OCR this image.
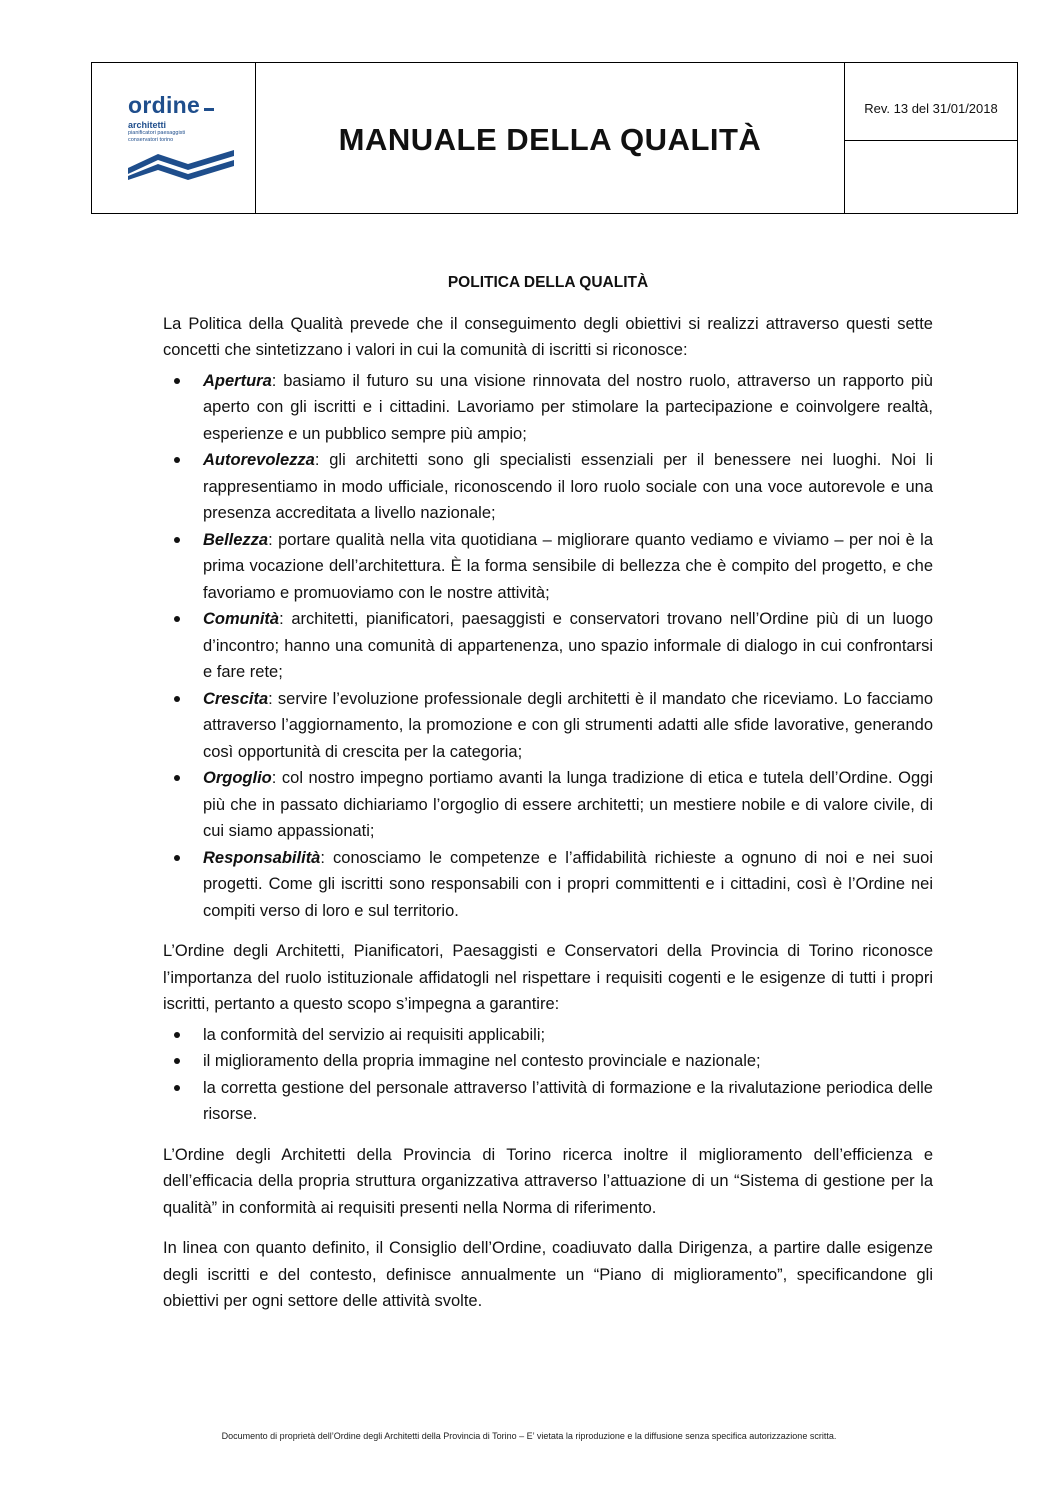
ordine
architetti
pianificatori paesaggisti
conservatori torino	MANUALE DELLA QUALITÀ
Rev. 13 del 31/01/2018
POLITICA DELLA QUALITÀ

La Politica della Qualità prevede che il conseguimento degli obiettivi si realizzi attraverso questi sette concetti che sintetizzano i valori in cui la comunità di iscritti si riconosce:

Apertura: basiamo il futuro su una visione rinnovata del nostro ruolo, attraverso un rapporto più aperto con gli iscritti e i cittadini. Lavoriamo per stimolare la partecipazione e coinvolgere realtà, esperienze e un pubblico sempre più ampio;
Autorevolezza: gli architetti sono gli specialisti essenziali per il benessere nei luoghi. Noi li rappresentiamo in modo ufficiale, riconoscendo il loro ruolo sociale con una voce autorevole e una presenza accreditata a livello nazionale;
Bellezza: portare qualità nella vita quotidiana – migliorare quanto vediamo e viviamo – per noi è la prima vocazione dell’architettura. È la forma sensibile di bellezza che è compito del progetto, e che favoriamo e promuoviamo con le nostre attività;
Comunità: architetti, pianificatori, paesaggisti e conservatori trovano nell’Ordine più di un luogo d’incontro; hanno una comunità di appartenenza, uno spazio informale di dialogo in cui confrontarsi e fare rete;
Crescita: servire l’evoluzione professionale degli architetti è il mandato che riceviamo. Lo facciamo attraverso l’aggiornamento, la promozione e con gli strumenti adatti alle sfide lavorative, generando così opportunità di crescita per la categoria;
Orgoglio: col nostro impegno portiamo avanti la lunga tradizione di etica e tutela dell’Ordine. Oggi più che in passato dichiariamo l’orgoglio di essere architetti; un mestiere nobile e di valore civile, di cui siamo appassionati;
Responsabilità: conosciamo le competenze e l’affidabilità richieste a ognuno di noi e nei suoi progetti. Come gli iscritti sono responsabili con i propri committenti e i cittadini, così è l’Ordine nei compiti verso di loro e sul territorio.

L’Ordine degli Architetti, Pianificatori, Paesaggisti e Conservatori della Provincia di Torino riconosce l’importanza del ruolo istituzionale affidatogli nel rispettare i requisiti cogenti e le esigenze di tutti i propri iscritti, pertanto a questo scopo s’impegna a garantire:

la conformità del servizio ai requisiti applicabili;
il miglioramento della propria immagine nel contesto provinciale e nazionale;
la corretta gestione del personale attraverso l’attività di formazione e la rivalutazione periodica delle risorse.

L’Ordine degli Architetti della Provincia di Torino ricerca inoltre il miglioramento dell’efficienza e dell’efficacia della propria struttura organizzativa attraverso l’attuazione di un “Sistema di gestione per la qualità” in conformità ai requisiti presenti nella Norma di riferimento.

In linea con quanto definito, il Consiglio dell’Ordine, coadiuvato dalla Dirigenza, a partire dalle esigenze degli iscritti e del contesto, definisce annualmente un “Piano di miglioramento”, specificandone gli obiettivi per ogni settore delle attività svolte.

Documento di proprietà dell’Ordine degli Architetti della Provincia di Torino – E’ vietata la riproduzione e la diffusione senza specifica autorizzazione scritta.
